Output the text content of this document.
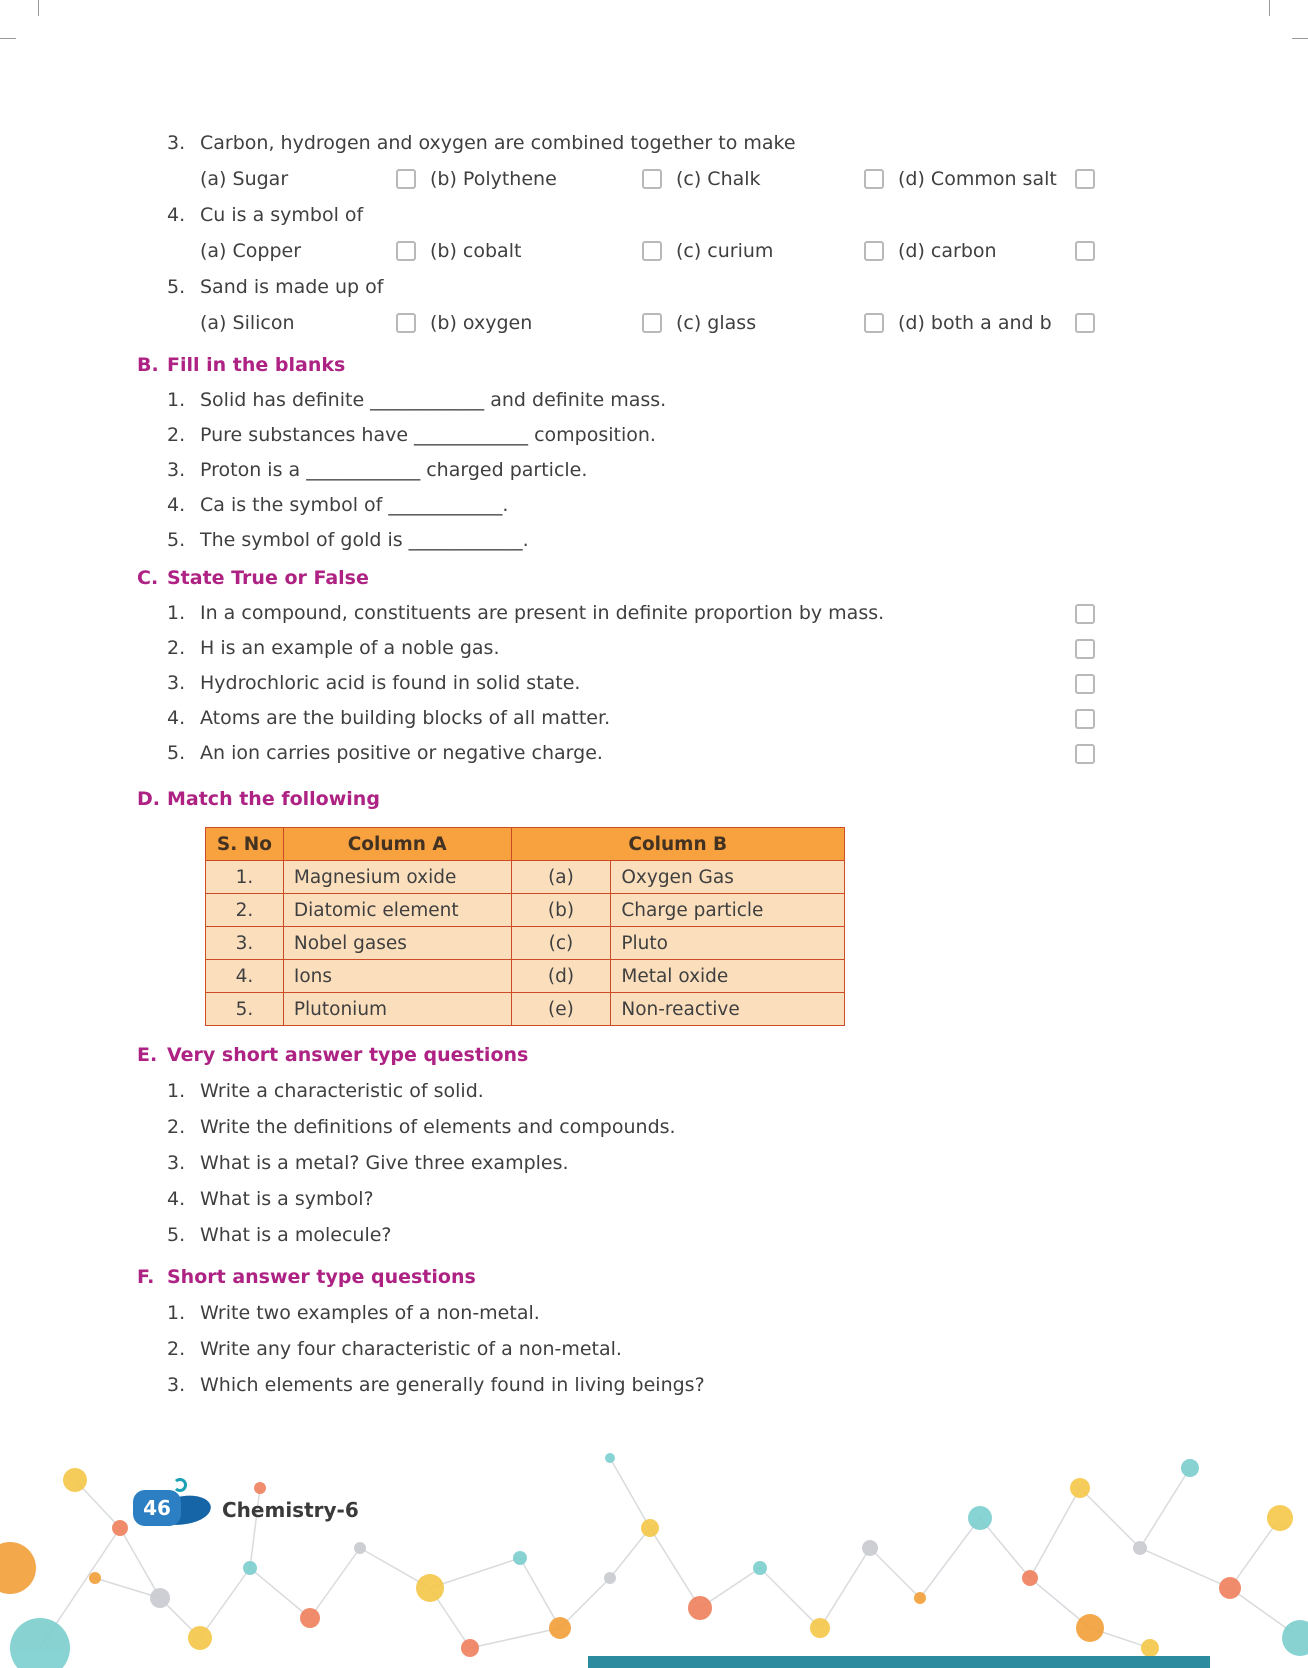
3. Carbon, hydrogen and oxygen are combined together to make
(a) Sugar	(b) Polythene	(c) Chalk	(d) Common salt
4. Cu is a symbol of
(a) Copper	(b) cobalt	(c) curium	(d) carbon
5. Sand is made up of
(a) Silicon	(b) oxygen	(c) glass	(d) both a and b
B. Fill in the blanks
1. Solid has definite ____________ and definite mass.
2. Pure substances have ____________ composition.
3. Proton is a ____________ charged particle.
4. Ca is the symbol of ____________.
5. The symbol of gold is ____________.
C. State True or False
1. In a compound, constituents are present in definite proportion by mass.
2. H is an example of a noble gas.
3. Hydrochloric acid is found in solid state.
4. Atoms are the building blocks of all matter.
5. An ion carries positive or negative charge.
D. Match the following
S. No	Column A	Column B	
1.	Magnesium oxide	(a)	Oxygen Gas
2.	Diatomic element	(b)	Charge particle
3.	Nobel gases	(c)	Pluto
4.	Ions	(d)	Metal oxide
5.	Plutonium	(e)	Non-reactive
E. Very short answer type questions
1. Write a characteristic of solid.
2. Write the definitions of elements and compounds.
3. What is a metal? Give three examples.
4. What is a symbol?
5. What is a molecule?
F. Short answer type questions
1. Write two examples of a non-metal.
2. Write any four characteristic of a non-metal.
3. Which elements are generally found in living beings?
46	Chemistry-6
